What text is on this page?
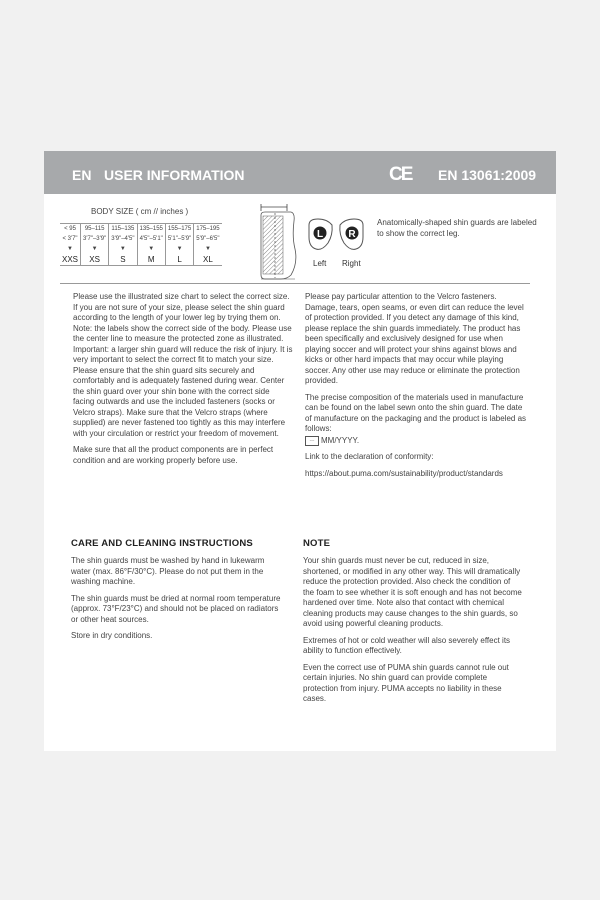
EN USER INFORMATION	CE EN 13061:2009
BODY SIZE ( cm // inches )
< 95	95–115	115–135	135–155	155–175	175–195
< 3'7"	3'7"–3'9"	3'9"–4'5"	4'5"–5'1"	5'1"–5'9"	5'9"–6'5"
▼	▼	▼	▼	▼	▼
XXS	XS	S	M	L	XL
L	R
Left Right
Anatomically-shaped shin guards are labeled to show the correct leg.

Please use the illustrated size chart to select the correct size. If you are not sure of your size, please select the shin guard according to the length of your lower leg by trying them on. Note: the labels show the correct side of the body. Please use the center line to measure the protected zone as illustrated. Important: a larger shin guard will reduce the risk of injury. It is very important to select the correct fit to match your size. Please ensure that the shin guard sits securely and comfortably and is adequately fastened during wear. Center the shin guard over your shin bone with the correct side facing outwards and use the included fasteners (socks or Velcro straps). Make sure that the Velcro straps (where supplied) are never fastened too tightly as this may interfere with your circulation or restrict your freedom of movement.

Make sure that all the product components are in perfect condition and are working properly before use.

Please pay particular attention to the Velcro fasteners. Damage, tears, open seams, or even dirt can reduce the level of protection provided. If you detect any damage of this kind, please replace the shin guards immediately. The product has been specifically and exclusively designed for use when playing soccer and will protect your shins against blows and kicks or other hard impacts that may occur while playing soccer. Any other use may reduce or eliminate the protection provided.

The precise composition of the materials used in manufacture can be found on the label sewn onto the shin guard. The date of manufacture on the packaging and the product is labeled as follows:

~~ MM/YYYY.

Link to the declaration of conformity:

https://about.puma.com/sustainability/product/standards

CARE AND CLEANING INSTRUCTIONS

The shin guards must be washed by hand in lukewarm water (max. 86°F/30°C). Please do not put them in the washing machine.

The shin guards must be dried at normal room temperature (approx. 73°F/23°C) and should not be placed on radiators or other heat sources.

Store in dry conditions.

NOTE

Your shin guards must never be cut, reduced in size, shortened, or modified in any other way. This will dramatically reduce the protection provided. Also check the condition of the foam to see whether it is soft enough and has not become hardened over time. Note also that contact with chemical cleaning products may cause changes to the shin guards, so avoid using powerful cleaning products.

Extremes of hot or cold weather will also severely effect its ability to function effectively.

Even the correct use of PUMA shin guards cannot rule out certain injuries. No shin guard can provide complete protection from injury. PUMA accepts no liability in these cases.
